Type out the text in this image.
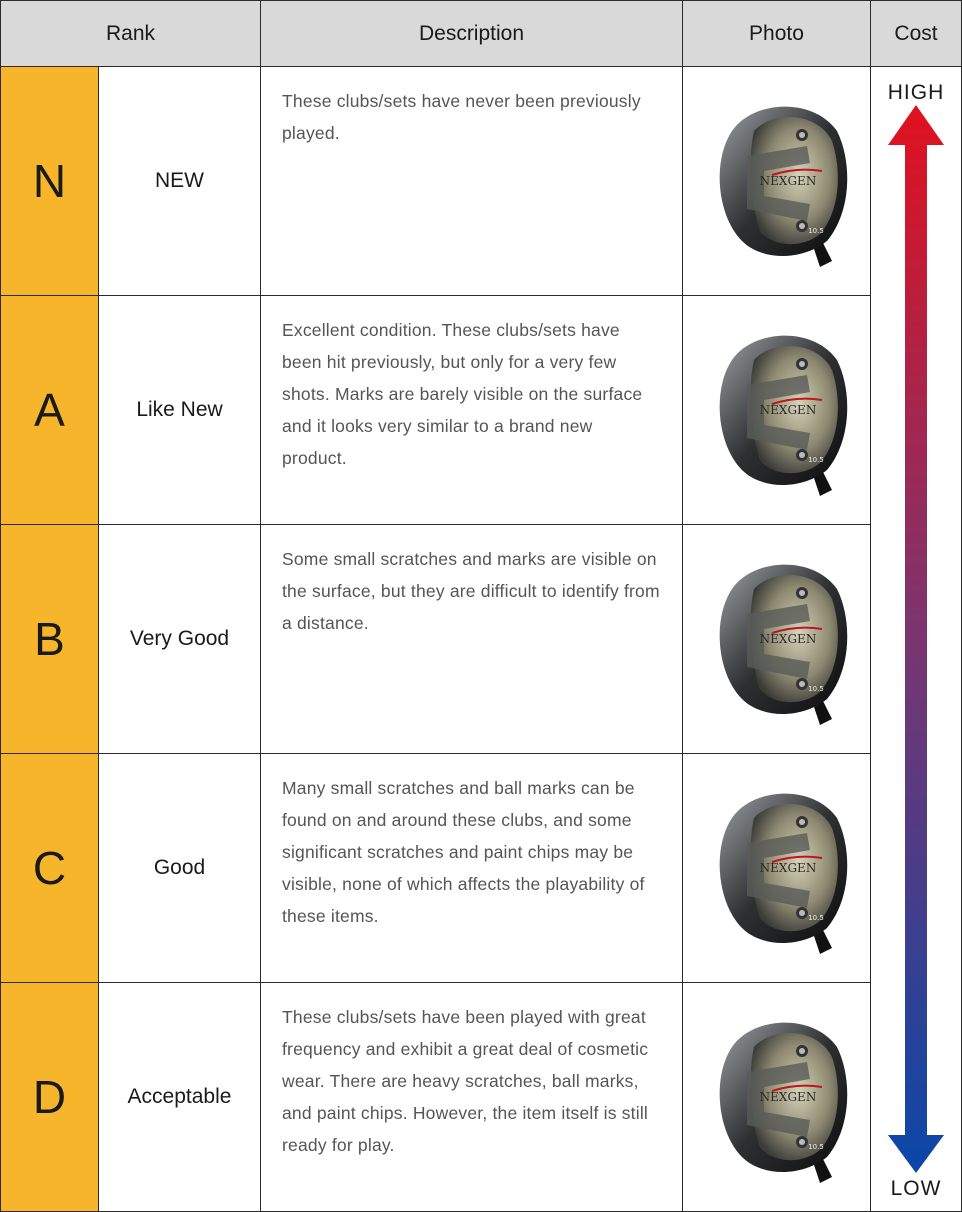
Rank	Description	Photo	Cost
N	NEW
These clubs/sets have never been previously played.
NEXGEN
10.5
HIGH
LOW
A	Like New
Excellent condition. These clubs/sets have been hit previously, but only for a very few shots. Marks are barely visible on the surface and it looks very similar to a brand new product.
NEXGEN
10.5
B	Very Good
Some small scratches and marks are visible on the surface, but they are difficult to identify from a distance.
NEXGEN
10.5
C	Good
Many small scratches and ball marks can be found on and around these clubs, and some significant scratches and paint chips may be visible, none of which affects the playability of these items.
NEXGEN
10.5
D	Acceptable
These clubs/sets have been played with great frequency and exhibit a great deal of cosmetic wear. There are heavy scratches, ball marks, and paint chips. However, the item itself is still ready for play.
NEXGEN
10.5
